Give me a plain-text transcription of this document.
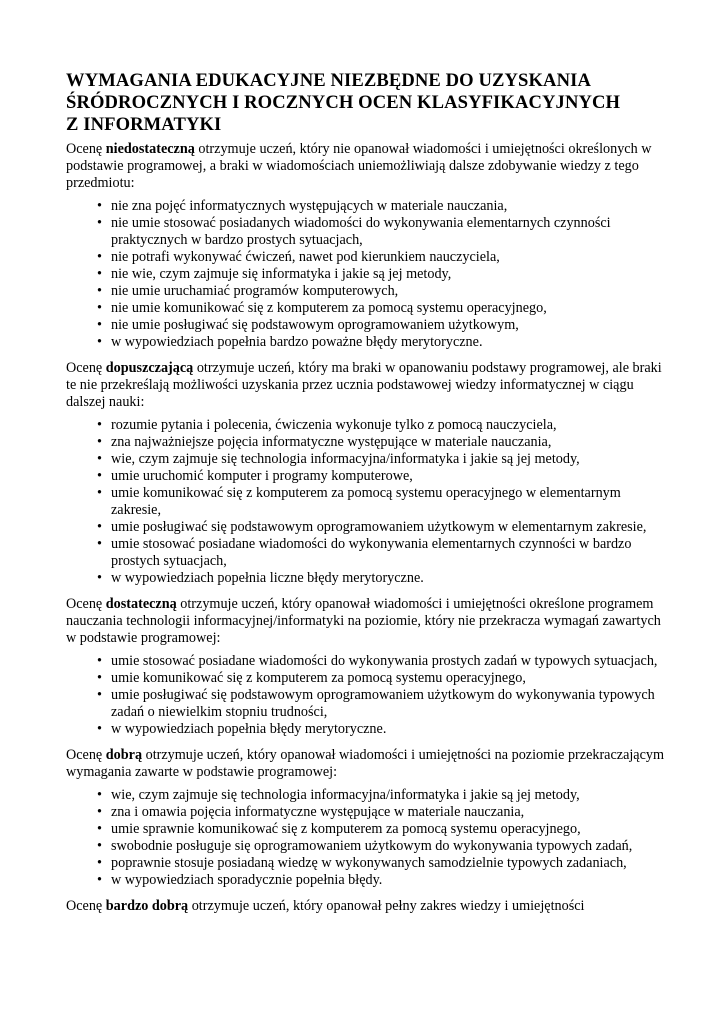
WYMAGANIA EDUKACYJNE NIEZBĘDNE DO UZYSKANIA
ŚRÓDROCZNYCH I ROCZNYCH OCEN KLASYFIKACYJNYCH
Z INFORMATYKI

Ocenę niedostateczną otrzymuje uczeń, który nie opanował wiadomości i umiejętności określonych w podstawie programowej, a braki w wiadomościach uniemożliwiają dalsze zdobywanie wiedzy z tego przedmiotu:

• nie zna pojęć informatycznych występujących w materiale nauczania,
• nie umie stosować posiadanych wiadomości do wykonywania elementarnych czynności praktycznych w bardzo prostych sytuacjach,
• nie potrafi wykonywać ćwiczeń, nawet pod kierunkiem nauczyciela,
• nie wie, czym zajmuje się informatyka i jakie są jej metody,
• nie umie uruchamiać programów komputerowych,
• nie umie komunikować się z komputerem za pomocą systemu operacyjnego,
• nie umie posługiwać się podstawowym oprogramowaniem użytkowym,
• w wypowiedziach popełnia bardzo poważne błędy merytoryczne.

Ocenę dopuszczającą otrzymuje uczeń, który ma braki w opanowaniu podstawy programowej, ale braki te nie przekreślają możliwości uzyskania przez ucznia podstawowej wiedzy informatycznej w ciągu dalszej nauki:

• rozumie pytania i polecenia, ćwiczenia wykonuje tylko z pomocą nauczyciela,
• zna najważniejsze pojęcia informatyczne występujące w materiale nauczania,
• wie, czym zajmuje się technologia informacyjna/informatyka i jakie są jej metody,
• umie uruchomić komputer i programy komputerowe,
• umie komunikować się z komputerem za pomocą systemu operacyjnego w elementarnym zakresie,
• umie posługiwać się podstawowym oprogramowaniem użytkowym w elementarnym zakresie,
• umie stosować posiadane wiadomości do wykonywania elementarnych czynności w bardzo prostych sytuacjach,
• w wypowiedziach popełnia liczne błędy merytoryczne.

Ocenę dostateczną otrzymuje uczeń, który opanował wiadomości i umiejętności określone programem nauczania technologii informacyjnej/informatyki na poziomie, który nie przekracza wymagań zawartych w podstawie programowej:

• umie stosować posiadane wiadomości do wykonywania prostych zadań w typowych sytuacjach,
• umie komunikować się z komputerem za pomocą systemu operacyjnego,
• umie posługiwać się podstawowym oprogramowaniem użytkowym do wykonywania typowych zadań o niewielkim stopniu trudności,
• w wypowiedziach popełnia błędy merytoryczne.

Ocenę dobrą otrzymuje uczeń, który opanował wiadomości i umiejętności na poziomie przekraczającym wymagania zawarte w podstawie programowej:

• wie, czym zajmuje się technologia informacyjna/informatyka i jakie są jej metody,
• zna i omawia pojęcia informatyczne występujące w materiale nauczania,
• umie sprawnie komunikować się z komputerem za pomocą systemu operacyjnego,
• swobodnie posługuje się oprogramowaniem użytkowym do wykonywania typowych zadań,
• poprawnie stosuje posiadaną wiedzę w wykonywanych samodzielnie typowych zadaniach,
• w wypowiedziach sporadycznie popełnia błędy.

Ocenę bardzo dobrą otrzymuje uczeń, który opanował pełny zakres wiedzy i umiejętności
